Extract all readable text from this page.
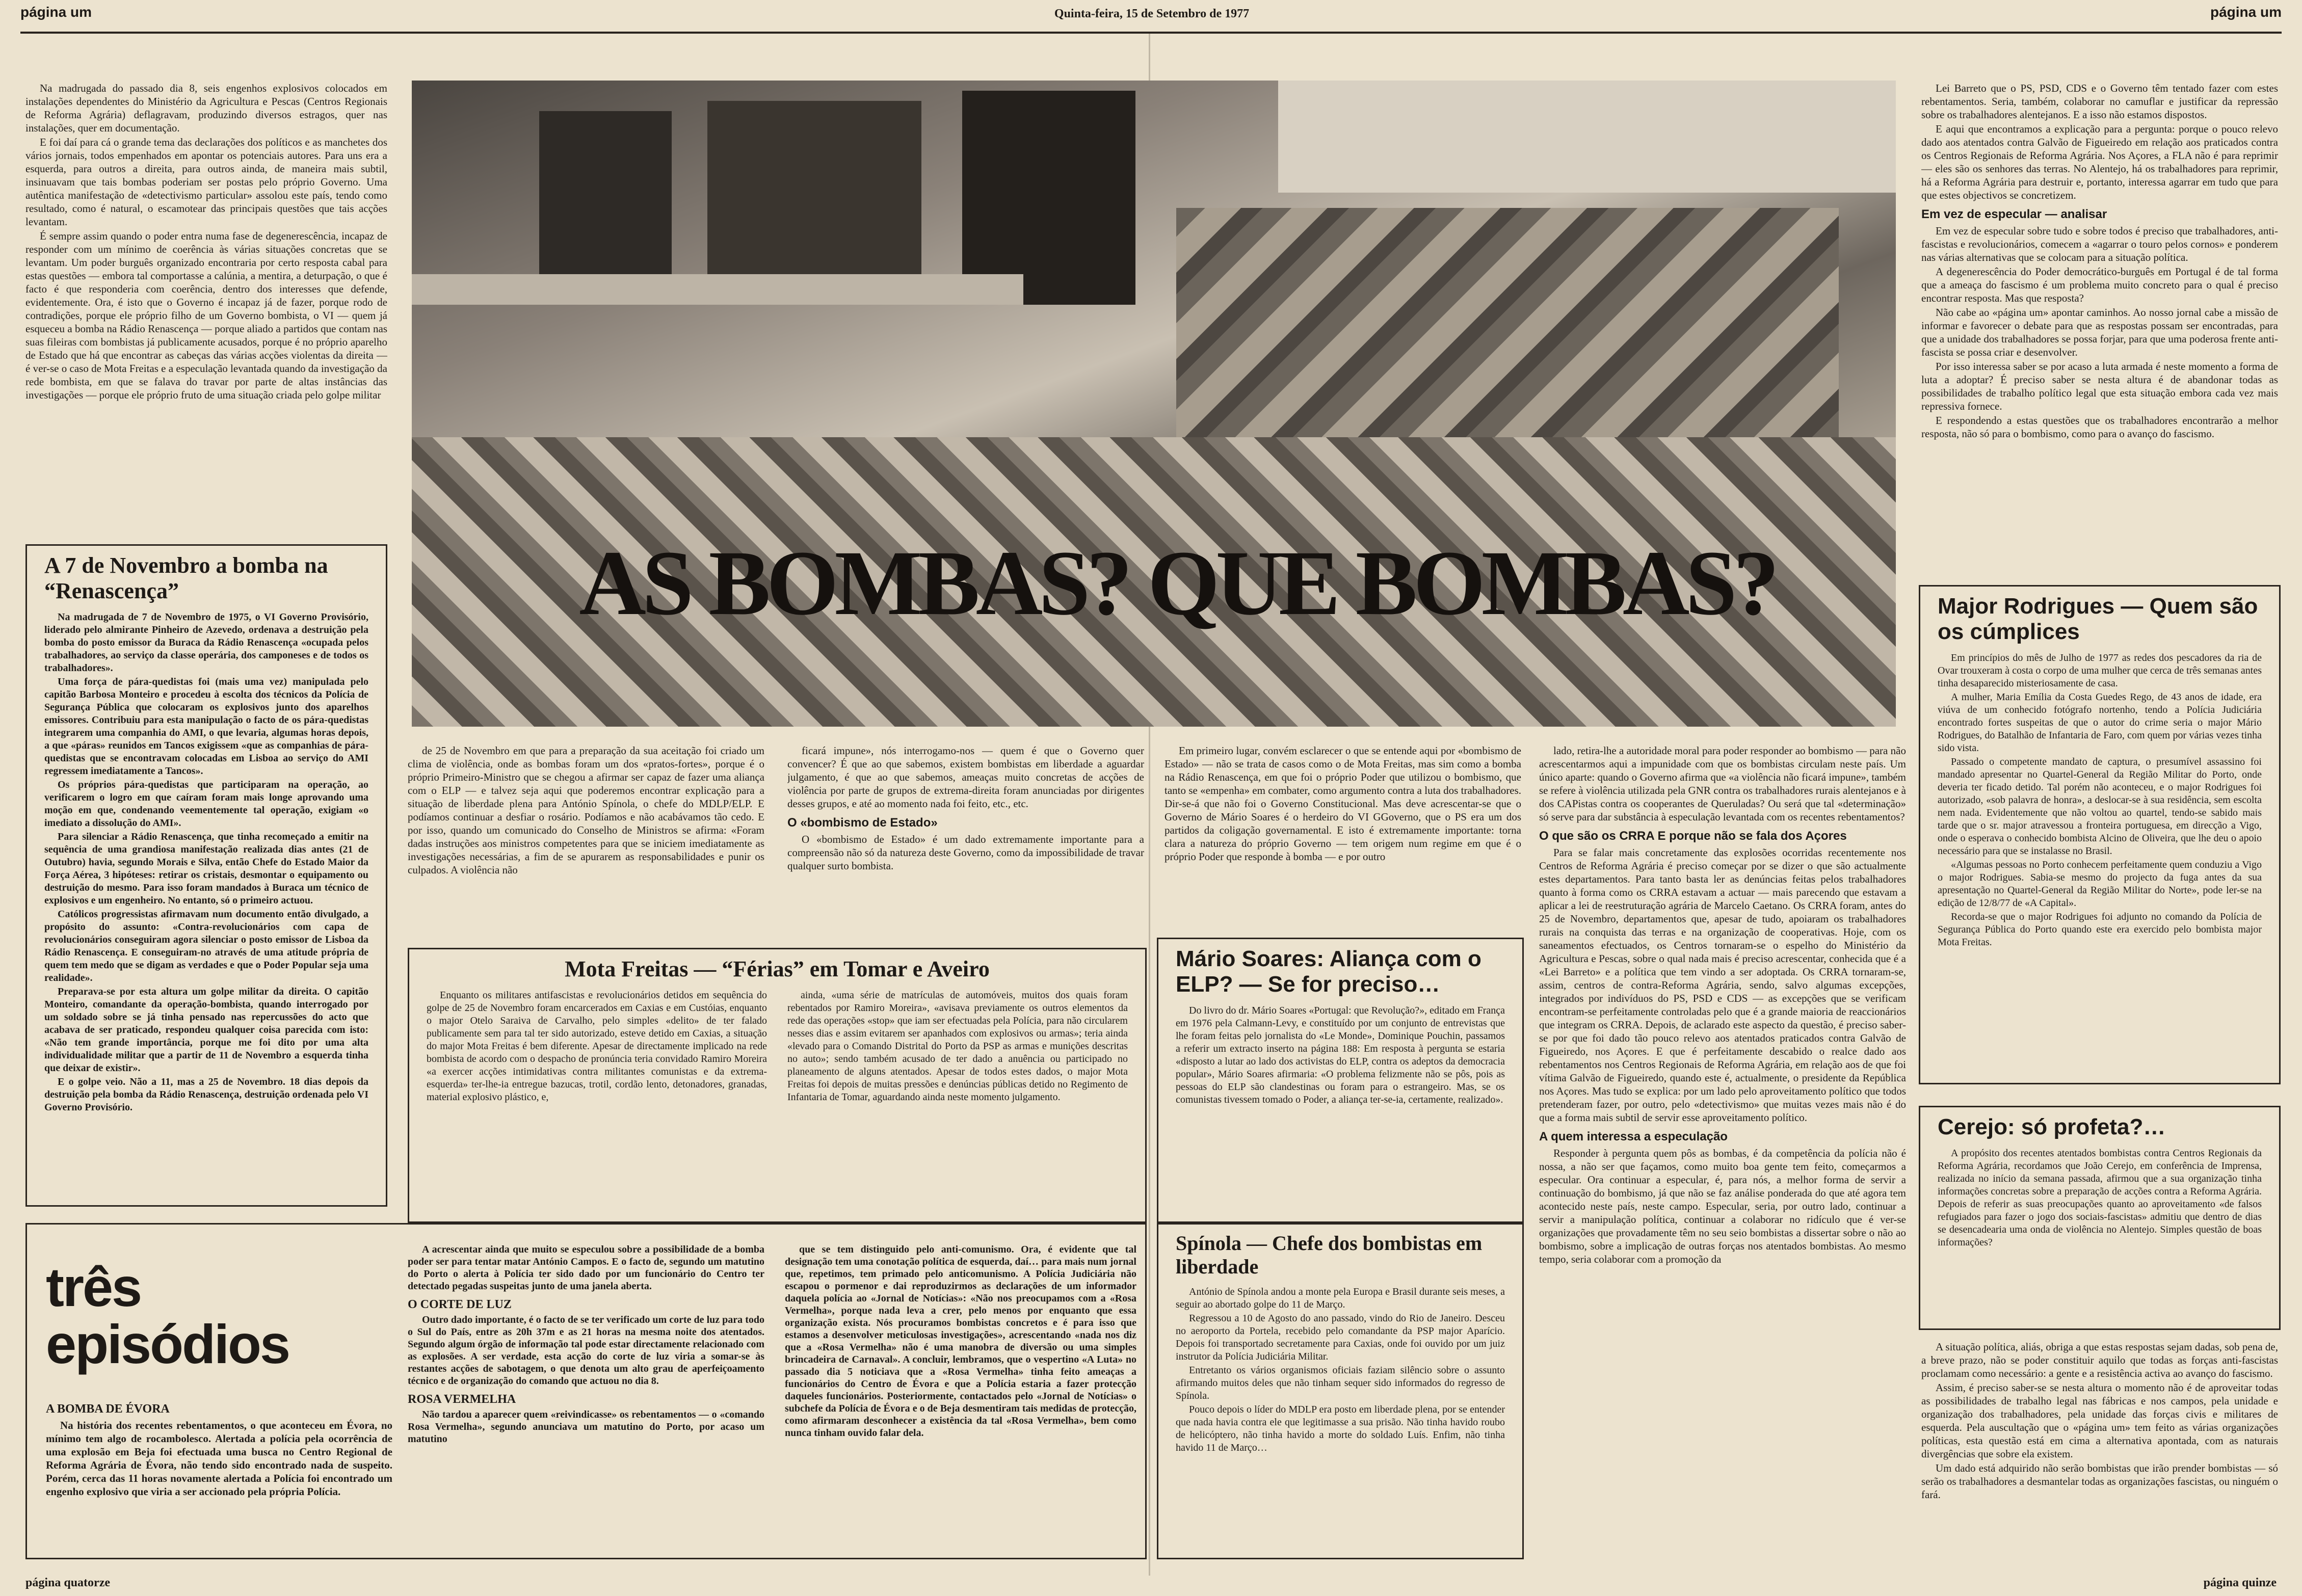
página um	Quinta-feira, 15 de Setembro de 1977	página um

Na madrugada do passado dia 8, seis engenhos explosivos colocados em instalações dependentes do Ministério da Agricultura e Pescas (Centros Regionais de Reforma Agrária) deflagravam, produzindo diversos estragos, quer nas instalações, quer em documentação.

E foi daí para cá o grande tema das declarações dos políticos e as manchetes dos vários jornais, todos empenhados em apontar os potenciais autores. Para uns era a esquerda, para outros a direita, para outros ainda, de maneira mais subtil, insinuavam que tais bombas poderiam ser postas pelo próprio Governo. Uma autêntica manifestação de «detectivismo particular» assolou este país, tendo como resultado, como é natural, o escamotear das principais questões que tais acções levantam.

É sempre assim quando o poder entra numa fase de degenerescência, incapaz de responder com um mínimo de coerência às várias situações concretas que se levantam. Um poder burguês organizado encontraria por certo resposta cabal para estas questões — embora tal comportasse a calúnia, a mentira, a deturpação, o que é facto é que responderia com coerência, dentro dos interesses que defende, evidentemente. Ora, é isto que o Governo é incapaz já de fazer, porque rodo de contradições, porque ele próprio filho de um Governo bombista, o VI — quem já esqueceu a bomba na Rádio Renascença — porque aliado a partidos que contam nas suas fileiras com bombistas já publicamente acusados, porque é no próprio aparelho de Estado que há que encontrar as cabeças das várias acções violentas da direita — é ver-se o caso de Mota Freitas e a especulação levantada quando da investigação da rede bombista, em que se falava do travar por parte de altas instâncias das investigações — porque ele próprio fruto de uma situação criada pelo golpe militar

AS BOMBAS? QUE BOMBAS?
A 7 de Novembro a bomba na “Renascença”

Na madrugada de 7 de Novembro de 1975, o VI Governo Provisório, liderado pelo almirante Pinheiro de Azevedo, ordenava a destruição pela bomba do posto emissor da Buraca da Rádio Renascença «ocupada pelos trabalhadores, ao serviço da classe operária, dos camponeses e de todos os trabalhadores».

Uma força de pára-quedistas foi (mais uma vez) manipulada pelo capitão Barbosa Monteiro e procedeu à escolta dos técnicos da Polícia de Segurança Pública que colocaram os explosivos junto dos aparelhos emissores. Contribuiu para esta manipulação o facto de os pára-quedistas integrarem uma companhia do AMI, o que levaria, algumas horas depois, a que «páras» reunidos em Tancos exigissem «que as companhias de pára-quedistas que se encontravam colocadas em Lisboa ao serviço do AMI regressem imediatamente a Tancos».

Os próprios pára-quedistas que participaram na operação, ao verificarem o logro em que caíram foram mais longe aprovando uma moção em que, condenando veementemente tal operação, exigiam «o imediato a dissolução do AMI».

Para silenciar a Rádio Renascença, que tinha recomeçado a emitir na sequência de uma grandiosa manifestação realizada dias antes (21 de Outubro) havia, segundo Morais e Silva, então Chefe do Estado Maior da Força Aérea, 3 hipóteses: retirar os cristais, desmontar o equipamento ou destruição do mesmo. Para isso foram mandados à Buraca um técnico de explosivos e um engenheiro. No entanto, só o primeiro actuou.

Católicos progressistas afirmavam num documento então divulgado, a propósito do assunto: «Contra-revolucionários com capa de revolucionários conseguiram agora silenciar o posto emissor de Lisboa da Rádio Renascença. E conseguiram-no através de uma atitude própria de quem tem medo que se digam as verdades e que o Poder Popular seja uma realidade».

Preparava-se por esta altura um golpe militar da direita. O capitão Monteiro, comandante da operação-bombista, quando interrogado por um soldado sobre se já tinha pensado nas repercussões do acto que acabava de ser praticado, respondeu qualquer coisa parecida com isto: «Não tem grande importância, porque me foi dito por uma alta individualidade militar que a partir de 11 de Novembro a esquerda tinha que deixar de existir».

E o golpe veio. Não a 11, mas a 25 de Novembro. 18 dias depois da destruição pela bomba da Rádio Renascença, destruição ordenada pelo VI Governo Provisório.

de 25 de Novembro em que para a preparação da sua aceitação foi criado um clima de violência, onde as bombas foram um dos «pratos-fortes», porque é o próprio Primeiro-Ministro que se chegou a afirmar ser capaz de fazer uma aliança com o ELP — e talvez seja aqui que poderemos encontrar explicação para a situação de liberdade plena para António Spínola, o chefe do MDLP/ELP. E podíamos continuar a desfiar o rosário. Podíamos e não acabávamos tão cedo. E por isso, quando um comunicado do Conselho de Ministros se afirma: «Foram dadas instruções aos ministros competentes para que se iniciem imediatamente as investigações necessárias, a fim de se apurarem as responsabilidades e punir os culpados. A violência não

ficará impune», nós interrogamo-nos — quem é que o Governo quer convencer? É que ao que sabemos, existem bombistas em liberdade a aguardar julgamento, é que ao que sabemos, ameaças muito concretas de acções de violência por parte de grupos de extrema-direita foram anunciadas por dirigentes desses grupos, e até ao momento nada foi feito, etc., etc.

O «bombismo de Estado»

O «bombismo de Estado» é um dado extremamente importante para a compreensão não só da natureza deste Governo, como da impossibilidade de travar qualquer surto bombista.

Em primeiro lugar, convém esclarecer o que se entende aqui por «bombismo de Estado» — não se trata de casos como o de Mota Freitas, mas sim como a bomba na Rádio Renascença, em que foi o próprio Poder que utilizou o bombismo, que tanto se «empenha» em combater, como argumento contra a luta dos trabalhadores. Dir-se-á que não foi o Governo Constitucional. Mas deve acrescentar-se que o Governo de Mário Soares é o herdeiro do VI GGoverno, que o PS era um dos partidos da coligação governamental. E isto é extremamente importante: torna clara a natureza do próprio Governo — tem origem num regime em que é o próprio Poder que responde à bomba — e por outro

lado, retira-lhe a autoridade moral para poder responder ao bombismo — para não acrescentarmos aqui a impunidade com que os bombistas circulam neste país. Um único aparte: quando o Governo afirma que «a violência não ficará impune», também se refere à violência utilizada pela GNR contra os trabalhadores rurais alentejanos e à dos CAPistas contra os cooperantes de Queruladas? Ou será que tal «determinação» só serve para dar substância à especulação levantada com os recentes rebentamentos?

O que são os CRRA E porque não se fala dos Açores

Para se falar mais concretamente das explosões ocorridas recentemente nos Centros de Reforma Agrária é preciso começar por se dizer o que são actualmente estes departamentos. Para tanto basta ler as denúncias feitas pelos trabalhadores quanto à forma como os CRRA estavam a actuar — mais parecendo que estavam a aplicar a lei de reestruturação agrária de Marcelo Caetano. Os CRRA foram, antes do 25 de Novembro, departamentos que, apesar de tudo, apoiaram os trabalhadores rurais na conquista das terras e na organização de cooperativas. Hoje, com os saneamentos efectuados, os Centros tornaram-se o espelho do Ministério da Agricultura e Pescas, sobre o qual nada mais é preciso acrescentar, conhecida que é a «Lei Barreto» e a política que tem vindo a ser adoptada. Os CRRA tornaram-se, assim, centros de contra-Reforma Agrária, sendo, salvo algumas excepções, integrados por indivíduos do PS, PSD e CDS — as excepções que se verificam encontram-se perfeitamente controladas pelo que é a grande maioria de reaccionários que integram os CRRA. Depois, de aclarado este aspecto da questão, é preciso saber-se por que foi dado tão pouco relevo aos atentados praticados contra Galvão de Figueiredo, nos Açores. E que é perfeitamente descabido o realce dado aos rebentamentos nos Centros Regionais de Reforma Agrária, em relação aos de que foi vítima Galvão de Figueiredo, quando este é, actualmente, o presidente da República nos Açores. Mas tudo se explica: por um lado pelo aproveitamento político que todos pretenderam fazer, por outro, pelo «detectivismo» que muitas vezes mais não é do que a forma mais subtil de servir esse aproveitamento político.

A quem interessa a especulação

Responder à pergunta quem pôs as bombas, é da competência da polícia não é nossa, a não ser que façamos, como muito boa gente tem feito, começarmos a especular. Ora continuar a especular, é, para nós, a melhor forma de servir a continuação do bombismo, já que não se faz análise ponderada do que até agora tem acontecido neste país, neste campo. Especular, seria, por outro lado, continuar a servir a manipulação política, continuar a colaborar no ridículo que é ver-se organizações que provadamente têm no seu seio bombistas a dissertar sobre o não ao bombismo, sobre a implicação de outras forças nos atentados bombistas. Ao mesmo tempo, seria colaborar com a promoção da

Lei Barreto que o PS, PSD, CDS e o Governo têm tentado fazer com estes rebentamentos. Seria, também, colaborar no camuflar e justificar da repressão sobre os trabalhadores alentejanos. E a isso não estamos dispostos.

E aqui que encontramos a explicação para a pergunta: porque o pouco relevo dado aos atentados contra Galvão de Figueiredo em relação aos praticados contra os Centros Regionais de Reforma Agrária. Nos Açores, a FLA não é para reprimir — eles são os senhores das terras. No Alentejo, há os trabalhadores para reprimir, há a Reforma Agrária para destruir e, portanto, interessa agarrar em tudo que para que estes objectivos se concretizem.

Em vez de especular — analisar

Em vez de especular sobre tudo e sobre todos é preciso que trabalhadores, anti-fascistas e revolucionários, comecem a «agarrar o touro pelos cornos» e ponderem nas várias alternativas que se colocam para a situação política.

A degenerescência do Poder democrático-burguês em Portugal é de tal forma que a ameaça do fascismo é um problema muito concreto para o qual é preciso encontrar resposta. Mas que resposta?

Não cabe ao «página um» apontar caminhos. Ao nosso jornal cabe a missão de informar e favorecer o debate para que as respostas possam ser encontradas, para que a unidade dos trabalhadores se possa forjar, para que uma poderosa frente anti-fascista se possa criar e desenvolver.

Por isso interessa saber se por acaso a luta armada é neste momento a forma de luta a adoptar? É preciso saber se nesta altura é de abandonar todas as possibilidades de trabalho político legal que esta situação embora cada vez mais repressiva fornece.

E respondendo a estas questões que os trabalhadores encontrarão a melhor resposta, não só para o bombismo, como para o avanço do fascismo.

Mota Freitas — “Férias” em Tomar e Aveiro

Enquanto os militares antifascistas e revolucionários detidos em sequência do golpe de 25 de Novembro foram encarcerados em Caxias e em Custóias, enquanto o major Otelo Saraiva de Carvalho, pelo simples «delito» de ter falado publicamente sem para tal ter sido autorizado, esteve detido em Caxias, a situação do major Mota Freitas é bem diferente. Apesar de directamente implicado na rede bombista de acordo com o despacho de pronúncia teria convidado Ramiro Moreira «a exercer acções intimidativas contra militantes comunistas e da extrema-esquerda» ter-lhe-ia entregue bazucas, trotil, cordão lento, detonadores, granadas, material explosivo plástico, e,

ainda, «uma série de matrículas de automóveis, muitos dos quais foram rebentados por Ramiro Moreira», «avisava previamente os outros elementos da rede das operações «stop» que iam ser efectuadas pela Polícia, para não circularem nesses dias e assim evitarem ser apanhados com explosivos ou armas»; teria ainda «levado para o Comando Distrital do Porto da PSP as armas e munições descritas no auto»; sendo também acusado de ter dado a anuência ou participado no planeamento de alguns atentados. Apesar de todos estes dados, o major Mota Freitas foi depois de muitas pressões e denúncias públicas detido no Regimento de Infantaria de Tomar, aguardando ainda neste momento julgamento.

Mário Soares: Aliança com o ELP? — Se for preciso…

Do livro do dr. Mário Soares «Portugal: que Revolução?», editado em França em 1976 pela Calmann-Levy, e constituído por um conjunto de entrevistas que lhe foram feitas pelo jornalista do «Le Monde», Dominique Pouchin, passamos a referir um extracto inserto na página 188: Em resposta à pergunta se estaria «disposto a lutar ao lado dos activistas do ELP, contra os adeptos da democracia popular», Mário Soares afirmaria: «O problema felizmente não se pôs, pois as pessoas do ELP são clandestinas ou foram para o estrangeiro. Mas, se os comunistas tivessem tomado o Poder, a aliança ter-se-ia, certamente, realizado».

Major Rodrigues — Quem são os cúmplices

Em princípios do mês de Julho de 1977 as redes dos pescadores da ria de Ovar trouxeram à costa o corpo de uma mulher que cerca de três semanas antes tinha desaparecido misteriosamente de casa.

A mulher, Maria Emília da Costa Guedes Rego, de 43 anos de idade, era viúva de um conhecido fotógrafo nortenho, tendo a Polícia Judiciária encontrado fortes suspeitas de que o autor do crime seria o major Mário Rodrigues, do Batalhão de Infantaria de Faro, com quem por várias vezes tinha sido vista.

Passado o competente mandato de captura, o presumível assassino foi mandado apresentar no Quartel-General da Região Militar do Porto, onde deveria ter ficado detido. Tal porém não aconteceu, e o major Rodrigues foi autorizado, «sob palavra de honra», a deslocar-se à sua residência, sem escolta nem nada. Evidentemente que não voltou ao quartel, tendo-se sabido mais tarde que o sr. major atravessou a fronteira portuguesa, em direcção a Vigo, onde o esperava o conhecido bombista Alcino de Oliveira, que lhe deu o apoio necessário para que se instalasse no Brasil.

«Algumas pessoas no Porto conhecem perfeitamente quem conduziu a Vigo o major Rodrigues. Sabia-se mesmo do projecto da fuga antes da sua apresentação no Quartel-General da Região Militar do Norte», pode ler-se na edição de 12/8/77 de «A Capital».

Recorda-se que o major Rodrigues foi adjunto no comando da Polícia de Segurança Pública do Porto quando este era exercido pelo bombista major Mota Freitas.

Cerejo: só profeta?…

A propósito dos recentes atentados bombistas contra Centros Regionais da Reforma Agrária, recordamos que João Cerejo, em conferência de Imprensa, realizada no início da semana passada, afirmou que a sua organização tinha informações concretas sobre a preparação de acções contra a Reforma Agrária. Depois de referir as suas preocupações quanto ao aproveitamento «de falsos refugiados para fazer o jogo dos sociais-fascistas» admitiu que dentro de dias se desencadearia uma onda de violência no Alentejo. Simples questão de boas informações?

A situação política, aliás, obriga a que estas respostas sejam dadas, sob pena de, a breve prazo, não se poder constituir aquilo que todas as forças anti-fascistas proclamam como necessário: a gente e a resistência activa ao avanço do fascismo.

Assim, é preciso saber-se se nesta altura o momento não é de aproveitar todas as possibilidades de trabalho legal nas fábricas e nos campos, pela unidade e organização dos trabalhadores, pela unidade das forças civis e militares de esquerda. Pela auscultação que o «página um» tem feito as várias organizações políticas, esta questão está em cima a alternativa apontada, com as naturais divergências que sobre ela existem.

Um dado está adquirido não serão bombistas que irão prender bombistas — só serão os trabalhadores a desmantelar todas as organizações fascistas, ou ninguém o fará.

três
episódios
A BOMBA DE ÉVORA

Na história dos recentes rebentamentos, o que aconteceu em Évora, no mínimo tem algo de rocambolesco. Alertada a polícia pela ocorrência de uma explosão em Beja foi efectuada uma busca no Centro Regional de Reforma Agrária de Évora, não tendo sido encontrado nada de suspeito. Porém, cerca das 11 horas novamente alertada a Polícia foi encontrado um engenho explosivo que viria a ser accionado pela própria Polícia.

A acrescentar ainda que muito se especulou sobre a possibilidade de a bomba poder ser para tentar matar António Campos. E o facto de, segundo um matutino do Porto o alerta à Polícia ter sido dado por um funcionário do Centro ter detectado pegadas suspeitas junto de uma janela aberta.

O CORTE DE LUZ

Outro dado importante, é o facto de se ter verificado um corte de luz para todo o Sul do País, entre as 20h 37m e as 21 horas na mesma noite dos atentados. Segundo algum órgão de informação tal pode estar directamente relacionado com as explosões. A ser verdade, esta acção do corte de luz viria a somar-se às restantes acções de sabotagem, o que denota um alto grau de aperfeiçoamento técnico e de organização do comando que actuou no dia 8.

ROSA VERMELHA

Não tardou a aparecer quem «reivindicasse» os rebentamentos — o «comando Rosa Vermelha», segundo anunciava um matutino do Porto, por acaso um matutino

que se tem distinguido pelo anti-comunismo. Ora, é evidente que tal designação tem uma conotação política de esquerda, daí… para mais num jornal que, repetimos, tem primado pelo anticomunismo. A Polícia Judiciária não escapou o pormenor e dai reproduzirmos as declarações de um informador daquela polícia ao «Jornal de Notícias»: «Não nos preocupamos com a «Rosa Vermelha», porque nada leva a crer, pelo menos por enquanto que essa organização exista. Nós procuramos bombistas concretos e é para isso que estamos a desenvolver meticulosas investigações», acrescentando «nada nos diz que a «Rosa Vermelha» não é uma manobra de diversão ou uma simples brincadeira de Carnaval». A concluir, lembramos, que o vespertino «A Luta» no passado dia 5 noticiava que a «Rosa Vermelha» tinha feito ameaças a funcionários do Centro de Évora e que a Polícia estaria a fazer protecção daqueles funcionários. Posteriormente, contactados pelo «Jornal de Notícias» o subchefe da Polícia de Évora e o de Beja desmentiram tais medidas de protecção, como afirmaram desconhecer a existência da tal «Rosa Vermelha», bem como nunca tinham ouvido falar dela.

Spínola — Chefe dos bombistas em liberdade

António de Spínola andou a monte pela Europa e Brasil durante seis meses, a seguir ao abortado golpe do 11 de Março.

Regressou a 10 de Agosto do ano passado, vindo do Rio de Janeiro. Desceu no aeroporto da Portela, recebido pelo comandante da PSP major Aparício. Depois foi transportado secretamente para Caxias, onde foi ouvido por um juiz instrutor da Polícia Judiciária Militar.

Entretanto os vários organismos oficiais faziam silêncio sobre o assunto afirmando muitos deles que não tinham sequer sido informados do regresso de Spínola.

Pouco depois o líder do MDLP era posto em liberdade plena, por se entender que nada havia contra ele que legitimasse a sua prisão. Não tinha havido roubo de helicóptero, não tinha havido a morte do soldado Luís. Enfim, não tinha havido 11 de Março…

página quatorze	página quinze
